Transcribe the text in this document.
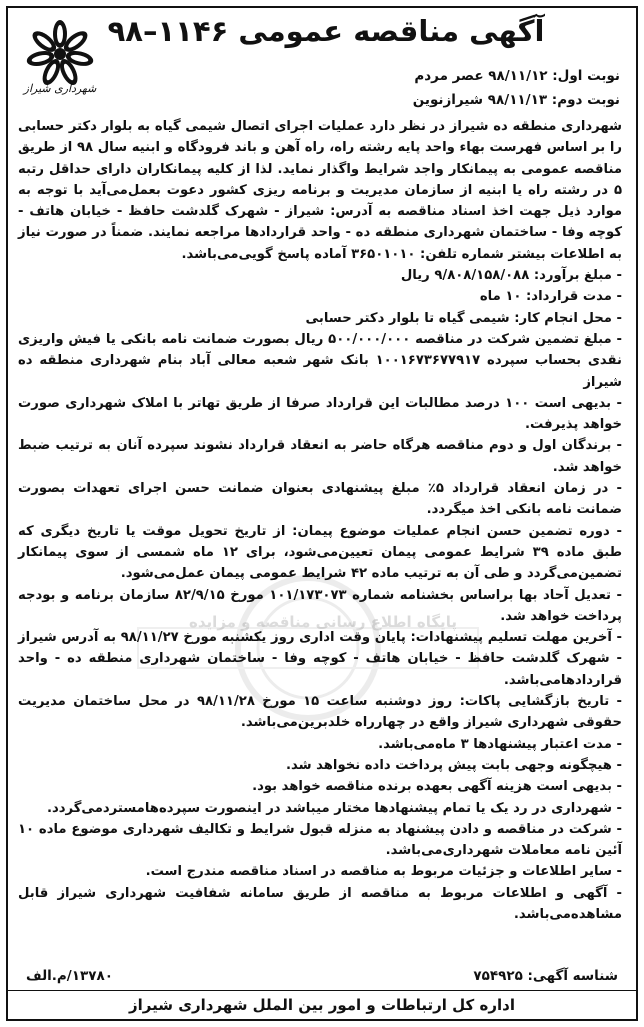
پایگاه اطلاع رسانی مناقصه و مزایده
شهرداری شیراز
آگهی مناقصه عمومی ۱۱۴۶–۹۸
نوبت اول: ۹۸/۱۱/۱۲ عصر مردم
نوبت دوم: ۹۸/۱۱/۱۳ شیرازنوین

شهرداری منطقه ده شیراز در نظر دارد عملیات اجرای اتصال شیمی گیاه به بلوار دکتر حسابی را بر اساس فهرست بهاء واحد پایه رشته راه، راه آهن و باند فرودگاه و ابنیه سال ۹۸ از طریق مناقصه عمومی به پیمانکار واجد شرایط واگذار نماید. لذا از کلیه پیمانکاران دارای حداقل رتبه ۵ در رشته راه یا ابنیه از سازمان مدیریت و برنامه ریزی کشور دعوت بعمل‌می‌آید با توجه به موارد ذیل جهت اخذ اسناد مناقصه به آدرس: شیراز - شهرک گلدشت حافظ - خیابان هاتف - کوچه وفا - ساختمان شهرداری منطقه ده - واحد قراردادها مراجعه نمایند. ضمناً در صورت نیاز به اطلاعات بیشتر شماره تلفن: ۳۶۵۰۱۰۱۰ آماده پاسخ گویی‌می‌باشد.

- مبلغ برآورد: ۹/۸۰۸/۱۵۸/۰۸۸ ریال

- مدت قرارداد: ۱۰ ماه

- محل انجام کار: شیمی گیاه تا بلوار دکتر حسابی

- مبلغ تضمین شرکت در مناقصه ۵۰۰/۰۰۰/۰۰۰ ریال بصورت ضمانت نامه بانکی یا فیش واریزی نقدی بحساب سپرده ۱۰۰۱۶۷۳۶۷۷۹۱۷ بانک شهر شعبه معالی آباد بنام شهرداری منطقه ده شیراز

- بدیهی است ۱۰۰ درصد مطالبات این قرارداد صرفا از طریق تهاتر با املاک شهرداری صورت خواهد پذیرفت.

- برندگان اول و دوم مناقصه هرگاه حاضر به انعقاد قرارداد نشوند سپرده آنان به ترتیب ضبط خواهد شد.

- در زمان انعقاد قرارداد ۵٪ مبلغ پیشنهادی بعنوان ضمانت حسن اجرای تعهدات بصورت ضمانت نامه بانکی اخذ میگردد.

- دوره تضمین حسن انجام عملیات موضوع پیمان: از تاریخ تحویل موقت یا تاریخ دیگری که طبق ماده ۳۹ شرایط عمومی پیمان تعیین‌می‌شود، برای ۱۲ ماه شمسی از سوی پیمانکار تضمین‌می‌گردد و طی آن به ترتیب ماده ۴۲ شرایط عمومی پیمان عمل‌می‌شود.

- تعدیل آحاد بها براساس بخشنامه شماره ۱۰۱/۱۷۳۰۷۳ مورخ ۸۲/۹/۱۵ سازمان برنامه و بودجه پرداخت خواهد شد.

- آخرین مهلت تسلیم پیشنهادات: پایان وقت اداری روز یکشنبه مورخ ۹۸/۱۱/۲۷ به آدرس شیراز - شهرک گلدشت حافظ - خیابان هاتف - کوچه وفا - ساختمان شهرداری منطقه ده - واحد قراردادهامی‌باشد.

- تاریخ بازگشایی پاکات: روز دوشنبه ساعت ۱۵ مورخ ۹۸/۱۱/۲۸ در محل ساختمان مدیریت حقوقی شهرداری شیراز واقع در چهارراه خلدبرین‌می‌باشد.

- مدت اعتبار پیشنهادها ۳ ماه‌می‌باشد.

- هیچگونه وجهی بابت پیش پرداخت داده نخواهد شد.

- بدیهی است هزینه آگهی بعهده برنده مناقصه خواهد بود.

- شهرداری در رد یک یا تمام پیشنهادها مختار میباشد در اینصورت سپرده‌هامستردمی‌گردد.

- شرکت در مناقصه و دادن پیشنهاد به منزله قبول شرایط و تکالیف شهرداری موضوع ماده ۱۰ آئین نامه معاملات شهرداری‌می‌باشد.

- سایر اطلاعات و جزئیات مربوط به مناقصه در اسناد مناقصه مندرج است.

- آگهی و اطلاعات مربوط به مناقصه از طریق سامانه شفافیت شهرداری شیراز قابل مشاهده‌می‌باشد.

شناسه آگهی: ۷۵۴۹۲۵
۱۳۷۸۰/م.الف
اداره کل ارتباطات و امور بین الملل شهرداری شیراز
